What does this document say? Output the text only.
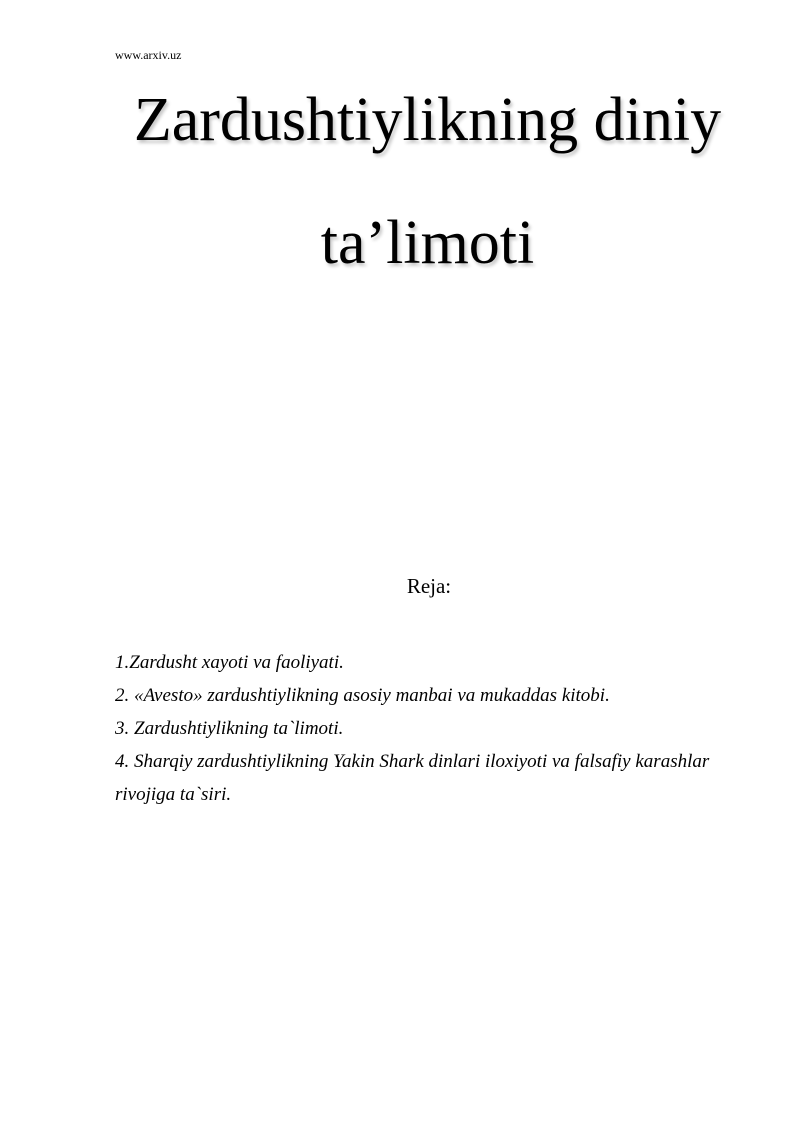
www.arxiv.uz
Zardushtiylikning diniy
ta’limoti
Reja:
1.Zardusht xayoti va faoliyati.
2. «Avesto» zardushtiylikning asosiy manbai va mukaddas kitobi.
3. Zardushtiylikning ta`limoti.
4. Sharqiy zardushtiylikning Yakin Shark dinlari iloxiyoti va falsafiy karashlar rivojiga ta`siri.
